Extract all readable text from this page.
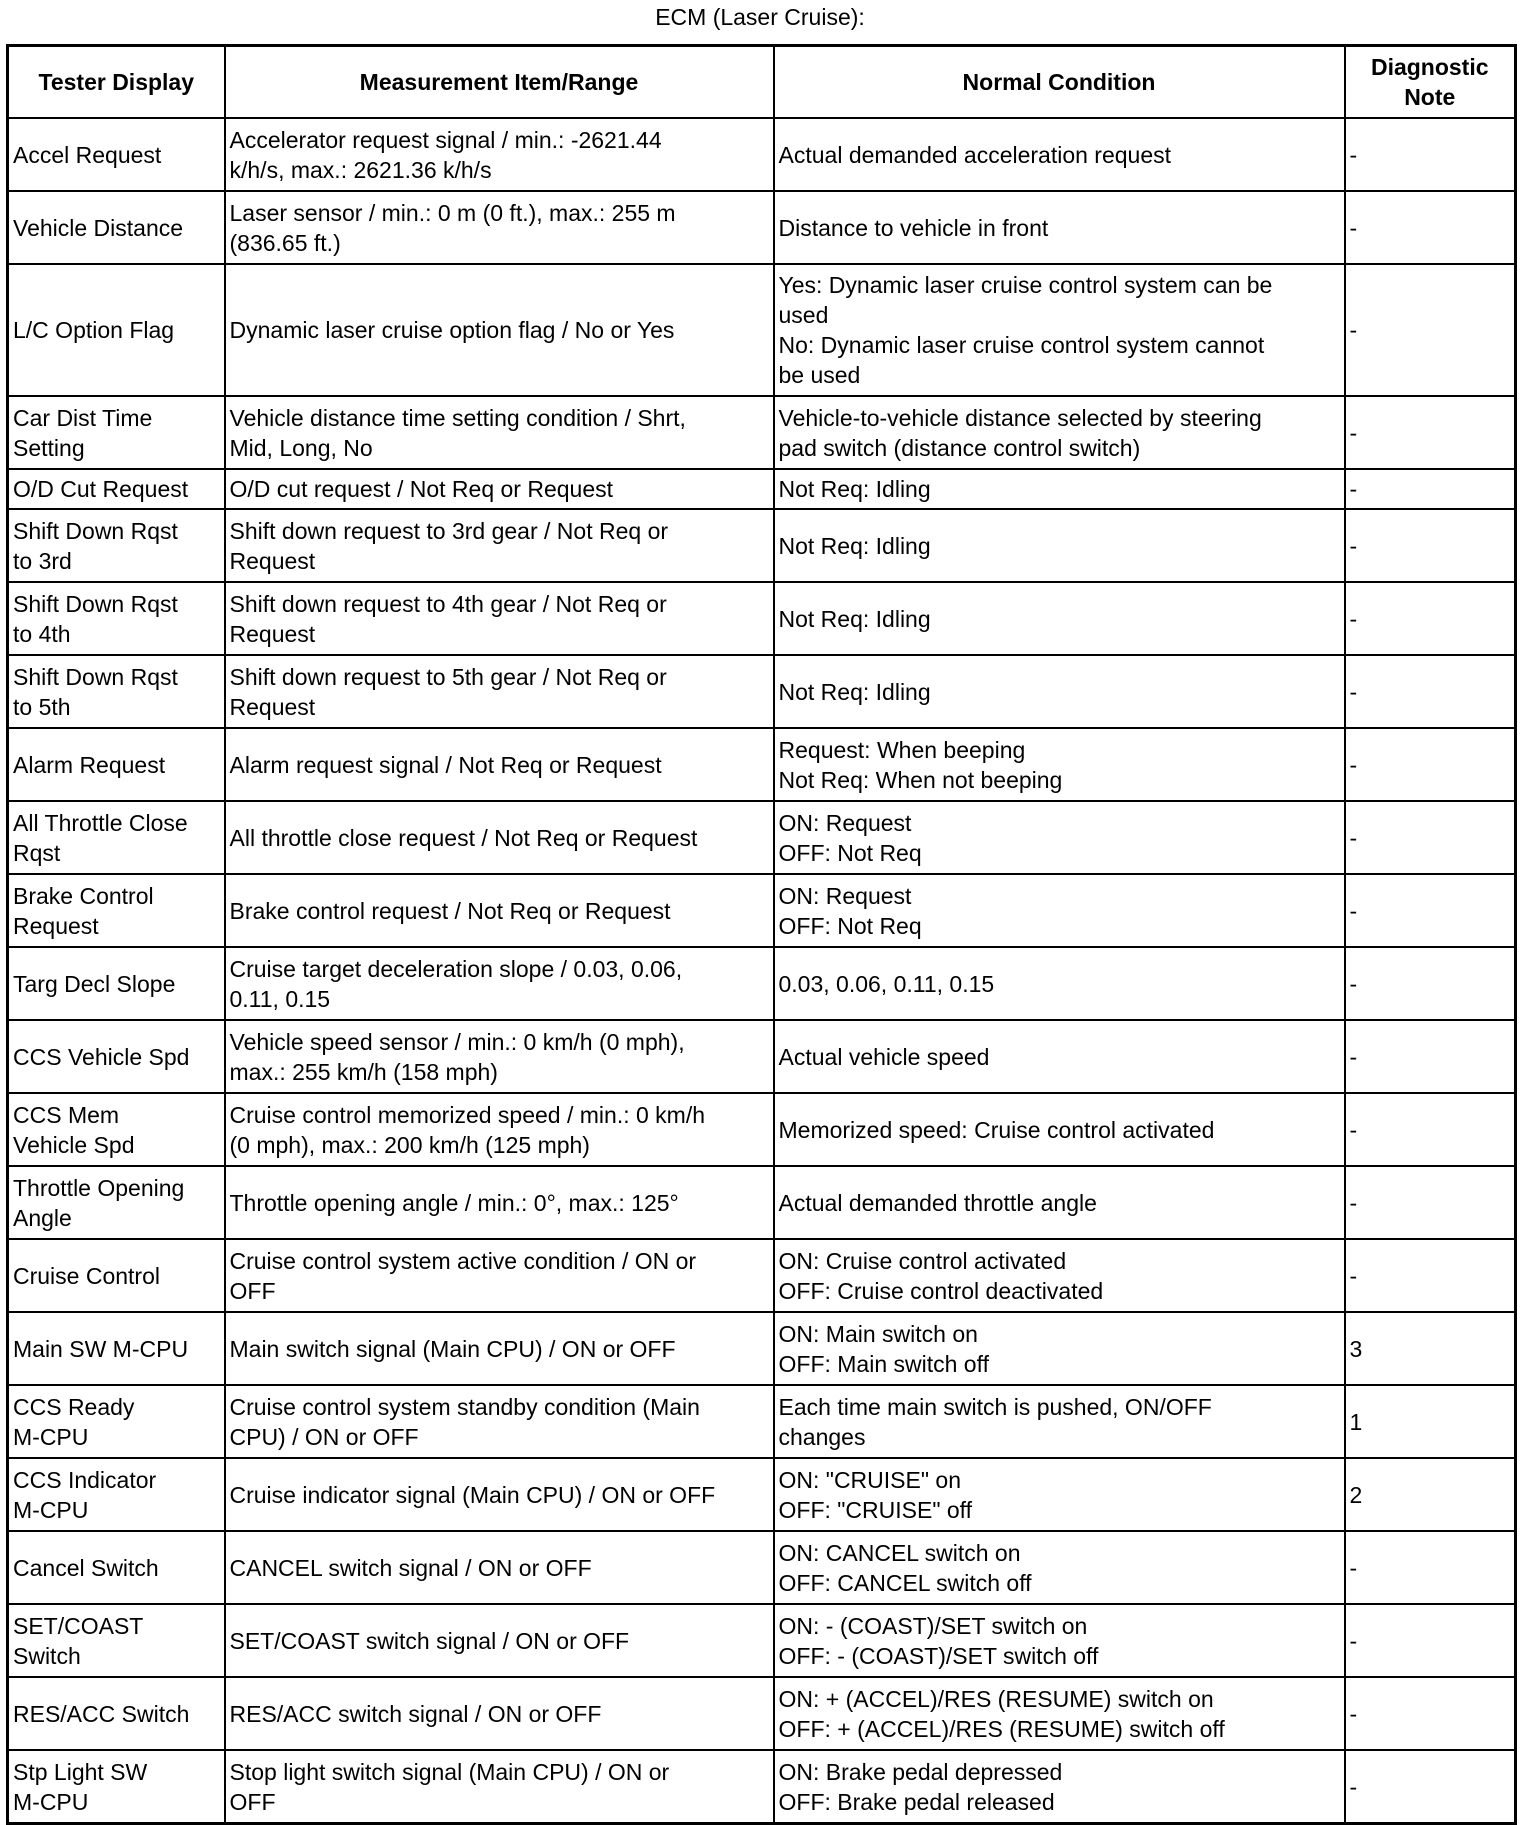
ECM (Laser Cruise):
Tester Display	Measurement Item/Range	Normal Condition	Diagnostic
Note
Accel Request	Accelerator request signal / min.: -2621.44
k/h/s, max.: 2621.36 k/h/s	Actual demanded acceleration request	-
Vehicle Distance	Laser sensor / min.: 0 m (0 ft.), max.: 255 m
(836.65 ft.)	Distance to vehicle in front	-
L/C Option Flag	Dynamic laser cruise option flag / No or Yes	Yes: Dynamic laser cruise control system can be
used
No: Dynamic laser cruise control system cannot
be used	-
Car Dist Time
Setting	Vehicle distance time setting condition / Shrt,
Mid, Long, No	Vehicle-to-vehicle distance selected by steering
pad switch (distance control switch)	-
O/D Cut Request	O/D cut request / Not Req or Request	Not Req: Idling	-
Shift Down Rqst
to 3rd	Shift down request to 3rd gear / Not Req or
Request	Not Req: Idling	-
Shift Down Rqst
to 4th	Shift down request to 4th gear / Not Req or
Request	Not Req: Idling	-
Shift Down Rqst
to 5th	Shift down request to 5th gear / Not Req or
Request	Not Req: Idling	-
Alarm Request	Alarm request signal / Not Req or Request	Request: When beeping
Not Req: When not beeping	-
All Throttle Close
Rqst	All throttle close request / Not Req or Request	ON: Request
OFF: Not Req	-
Brake Control
Request	Brake control request / Not Req or Request	ON: Request
OFF: Not Req	-
Targ Decl Slope	Cruise target deceleration slope / 0.03, 0.06,
0.11, 0.15	0.03, 0.06, 0.11, 0.15	-
CCS Vehicle Spd	Vehicle speed sensor / min.: 0 km/h (0 mph),
max.: 255 km/h (158 mph)	Actual vehicle speed	-
CCS Mem
Vehicle Spd	Cruise control memorized speed / min.: 0 km/h
(0 mph), max.: 200 km/h (125 mph)	Memorized speed: Cruise control activated	-
Throttle Opening
Angle	Throttle opening angle / min.: 0°, max.: 125°	Actual demanded throttle angle	-
Cruise Control	Cruise control system active condition / ON or
OFF	ON: Cruise control activated
OFF: Cruise control deactivated	-
Main SW M-CPU	Main switch signal (Main CPU) / ON or OFF	ON: Main switch on
OFF: Main switch off	3
CCS Ready
M-CPU	Cruise control system standby condition (Main
CPU) / ON or OFF	Each time main switch is pushed, ON/OFF
changes	1
CCS Indicator
M-CPU	Cruise indicator signal (Main CPU) / ON or OFF	ON: "CRUISE" on
OFF: "CRUISE" off	2
Cancel Switch	CANCEL switch signal / ON or OFF	ON: CANCEL switch on
OFF: CANCEL switch off	-
SET/COAST
Switch	SET/COAST switch signal / ON or OFF	ON: - (COAST)/SET switch on
OFF: - (COAST)/SET switch off	-
RES/ACC Switch	RES/ACC switch signal / ON or OFF	ON: + (ACCEL)/RES (RESUME) switch on
OFF: + (ACCEL)/RES (RESUME) switch off	-
Stp Light SW
M-CPU	Stop light switch signal (Main CPU) / ON or
OFF	ON: Brake pedal depressed
OFF: Brake pedal released	-
